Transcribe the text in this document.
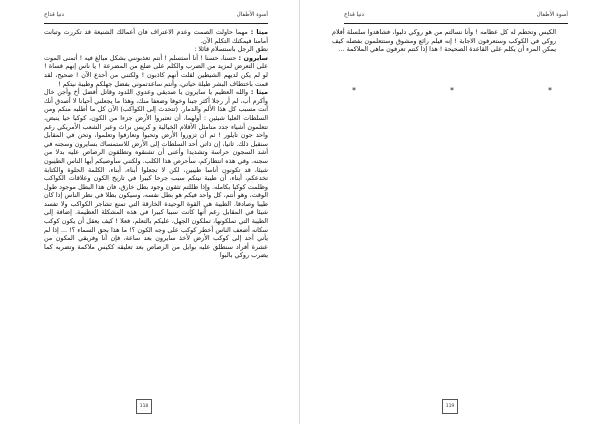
دنيا قداح	أسوء الأطفال

ميثا : مهما حاولت الصمت وعدم الاعتراف فان أعمالك الشنيعة قد تكررت وتبانت أمامنا فيمكنك التكلم الآن.

نطق الرجل باستسلام قائلا :

سايرون : حسنا، حسنا ! أنا أستسلم ! أنتم تعذبونني بشكل مبالغ فيه ! أتمنى الموت على التعرض لمزيد من الضرب والكلم على ضلع من المضرعة ! يا ناس إنهم قساة ! لو لم يكن لديهم الشيطين لقلت أنهم كاذبون ! ولكنني من أحدع الآن ! صحيح، لقد قمت باختطاف البشر طيلة حياتي، وأنتم ساعدتموني بفضل جهلكم وطيبة نيتكم !

ميثا : والله العظيم يا سايرون يا صديقي وعدوي اللدود وقاتل أفضل أخ وأجن خال وأكرم أب، لم أر رجلا أكثر جبنا وخوفا وضعفا منك، وهذا ما يجعلني أحيانا لا أصدق أنك أنت مسبب كل هذا الألم والدمار. (تتحدث إلى الكواكب) الآن كل ما أطلبه منكم ومن السلطات العليا شيئين : أولهما، أن تعتبروا الأرض جزءا من الكون، كوكبا حيا ينبض، تتعلمون أشياء جدد منامثل الأقلام الخيالية و كريس براث وعبر الشعب الأمريكي رغم واحد جون تايلور ! ثم أن تزوروا الأرض وتحبوا وتعارفوا وتعلموا، وتحن في المقابل سنقبل ذلك. ثانيا، إن ذاتي أحد السلطات إلى الأرض للاستمساك بسايرون وسجنه في أشد السجون حراسة وتشديدا وأعنى أن تشنقوه وتطلقون الرصاص عليه بدلا من سجنه. وفي هذه انتظاركم، سأحرص هذا الكلب. ولكنني سأوصيكم أيها الناس الطيبون شيئا، قد تكونون أناسا طيبين، لكن لا تجعلوا أبناء، أبناء، الكلمة الحلوة والكتابة تخدعكم، أبناء، أن طيبة نيتكم سبب جرحا كبيرا في تاريخ الكون وعلاقات الكواكب وظلمت كوكبا بكامله. وإذا ظللتم تثقون وجود بطل خارق، فان هذا البطل موجود طول الوقت، وهو أنتم، كل واحد فيكم هو بطل نفسه، وسيكون بطلا في نظر الناس إذا كان طيبا وصادقا. الطيبة هي القوة الوحيدة الخارقة التي تمنع تشاجر الكواكب ولا تفسد شيئا في المقابل رغم أنها كانت سببا كبيرا في هذه المشكلة العظيمة. إضافة إلى الطيبة التي تملكونها، تملكون الجهل، عليكم بالتعلم، فعلا ! كيف يعقل أن يكون كوكب سكانه أضعف الناس أخطر كوكب على وجه الكون ؟! ما هذا بحق السماء ؟! ... إذا لم يأتي أحد إلى كوكب الأرض لأخذ سايرون بعد ساعة، فإن أنا وفريقي المكون من عشرة أفراد سنطلق عليه بوابل من الرصاص بعد تعليقه ككيس ملاكمة وتضربه كما يضرب روكي بالبوا

118
دنيا قداح	أسوء الأطفال

الكيس وتحطم له كل عظامه ! وأنا نسالتم من هو روكي دلبوا، فشاهدوا سلسلة أفلام روكي في الكوكب وستعرفون الاجابة ! إنه فيلم رائع ومشوق وستتعلمون بفضله كيف يمكن المرء أن يكلم على القاعدة الصحيحة ! هذا إذا كنتم تعرفون ماهي الملاكمة ...

*	*	*
119
